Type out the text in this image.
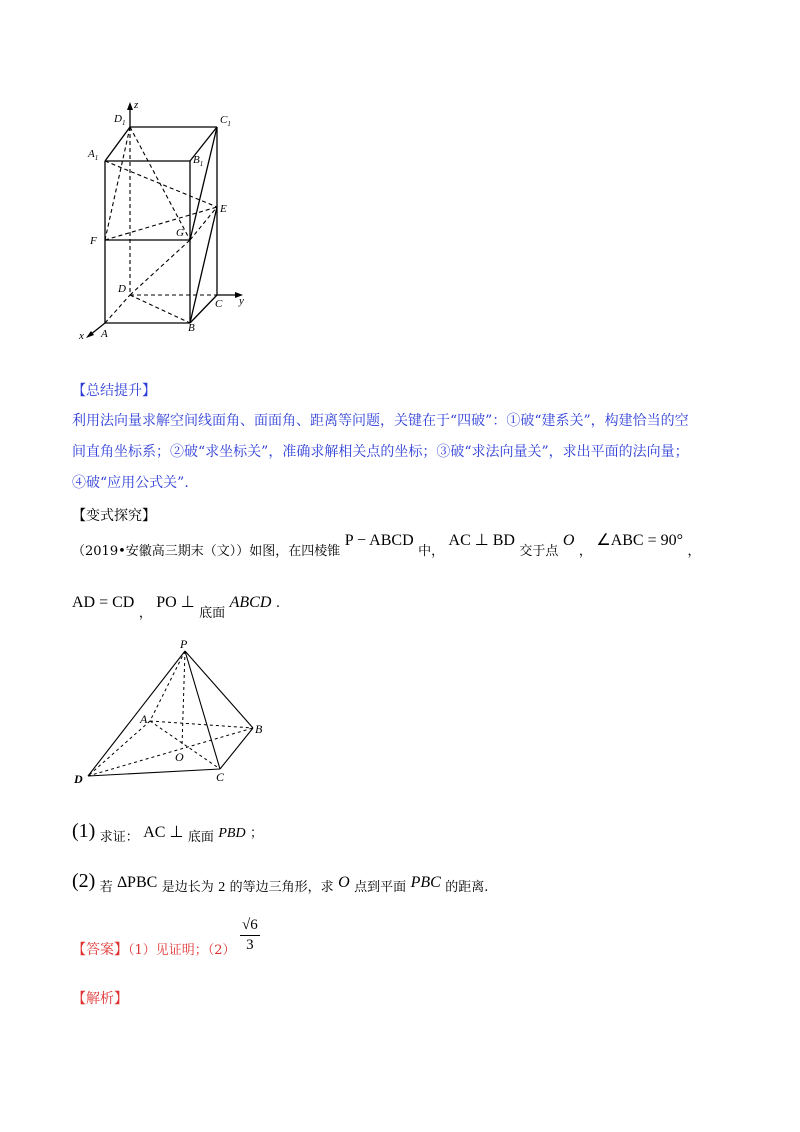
z
$D_1$	$C_1$
$A_1$	$B_1$
E
F
G
D
C y
x A	B
【总结提升】
利用法向量求解空间线面角、面面角、距离等问题，关键在于“四破”：①破“建系关”，构建恰当的空
间直角坐标系；②破“求坐标关”，准确求解相关点的坐标；③破“求法向量关”，求出平面的法向量；
④破“应用公式关”.
【变式探究】
（2019•安徽高三期末（文））如图，在四棱锥 P − ABCD 中， AC ⊥ BD 交于点 O ， ∠ABC = 90° ，
AD = CD ， PO ⊥ 底面 ABCD .
P
A
B
O
C
D
(1) 求证： AC ⊥ 底面 PBD ；
(2) 若 ∆PBC 是边长为 2 的等边三角形，求 O 点到平面 PBC 的距离.
【答案】（1）见证明；$(2) \frac{√6}{3}$
【解析】
